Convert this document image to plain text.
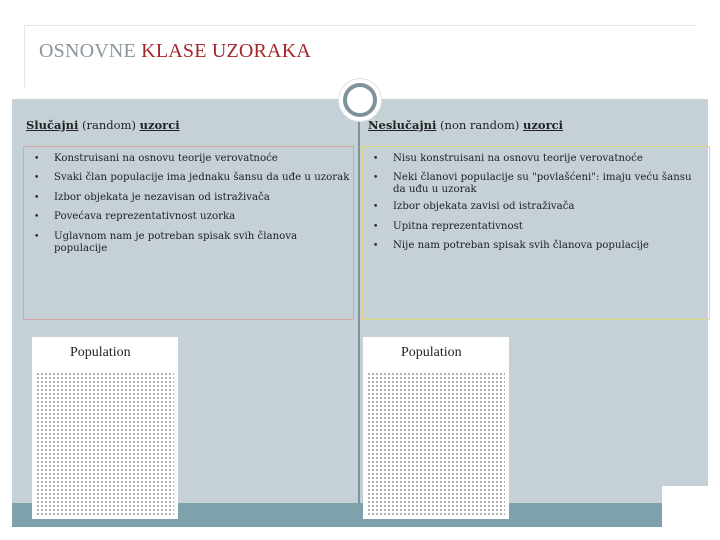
OSNOVNE KLASE UZORAKA
Slučajni (random) uzorci	Neslučajni (non random) uzorci
• Konstruisani na osnovu teorije verovatnoće
• Svaki član populacije ima jednaku šansu da uđe u uzorak
• Izbor objekata je nezavisan od istraživača
• Povećava reprezentativnost uzorka
• Uglavnom nam je potreban spisak svih članova populacije
• Nisu konstruisani na osnovu teorije verovatnoće
• Neki članovi populacije su "povlašćeni": imaju veću šansu da uđu u uzorak
• Izbor objekata zavisi od istraživača
• Upitna reprezentativnost
• Nije nam potreban spisak svih članova populacije
Population	Population
